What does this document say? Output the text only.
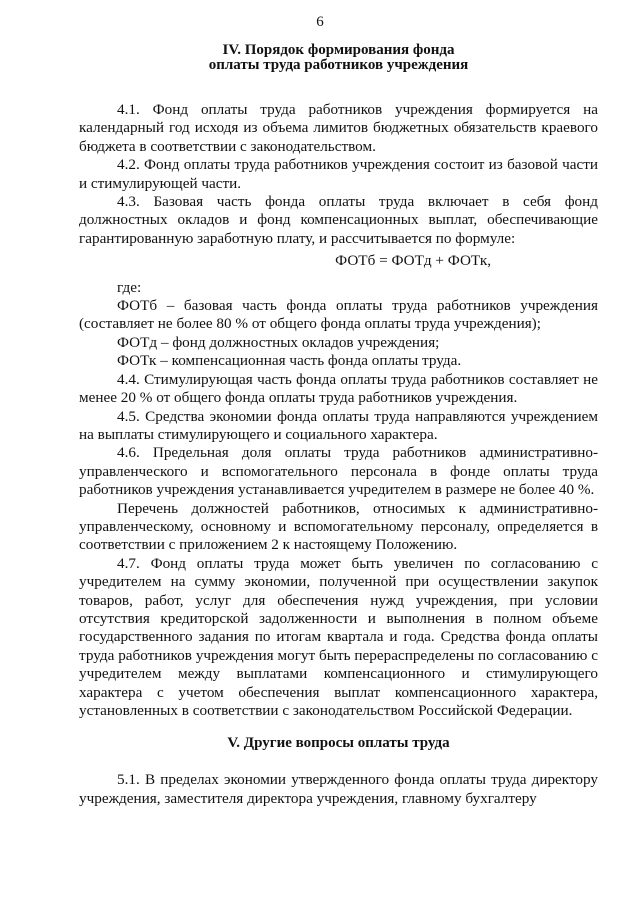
6
IV. Порядок формирования фонда
оплаты труда работников учреждения

4.1. Фонд оплаты труда работников учреждения формируется на календарный год исходя из объема лимитов бюджетных обязательств краевого бюджета в соответствии с законодательством.

4.2. Фонд оплаты труда работников учреждения состоит из базовой части и стимулирующей части.

4.3. Базовая часть фонда оплаты труда включает в себя фонд должностных окладов и фонд компенсационных выплат, обеспечивающие гарантированную заработную плату, и рассчитывается по формуле:

ФОТб = ФОТд + ФОТк,

где:

ФОТб – базовая часть фонда оплаты труда работников учреждения (составляет не более 80 % от общего фонда оплаты труда учреждения);

ФОТд – фонд должностных окладов учреждения;

ФОТк – компенсационная часть фонда оплаты труда.

4.4. Стимулирующая часть фонда оплаты труда работников составляет не менее 20 % от общего фонда оплаты труда работников учреждения.

4.5. Средства экономии фонда оплаты труда направляются учреждением на выплаты стимулирующего и социального характера.

4.6. Предельная доля оплаты труда работников административно-управленческого и вспомогательного персонала в фонде оплаты труда работников учреждения устанавливается учредителем в размере не более 40 %.

Перечень должностей работников, относимых к административно-управленческому, основному и вспомогательному персоналу, определяется в соответствии с приложением 2 к настоящему Положению.

4.7. Фонд оплаты труда может быть увеличен по согласованию с учредителем на сумму экономии, полученной при осуществлении закупок товаров, работ, услуг для обеспечения нужд учреждения, при условии отсутствия кредиторской задолженности и выполнения в полном объеме государственного задания по итогам квартала и года. Средства фонда оплаты труда работников учреждения могут быть перераспределены по согласованию с учредителем между выплатами компенсационного и стимулирующего характера с учетом обеспечения выплат компенсационного характера, установленных в соответствии с законодательством Российской Федерации.

V. Другие вопросы оплаты труда

5.1. В пределах экономии утвержденного фонда оплаты труда директору учреждения, заместителя директора учреждения, главному бухгалтеру
